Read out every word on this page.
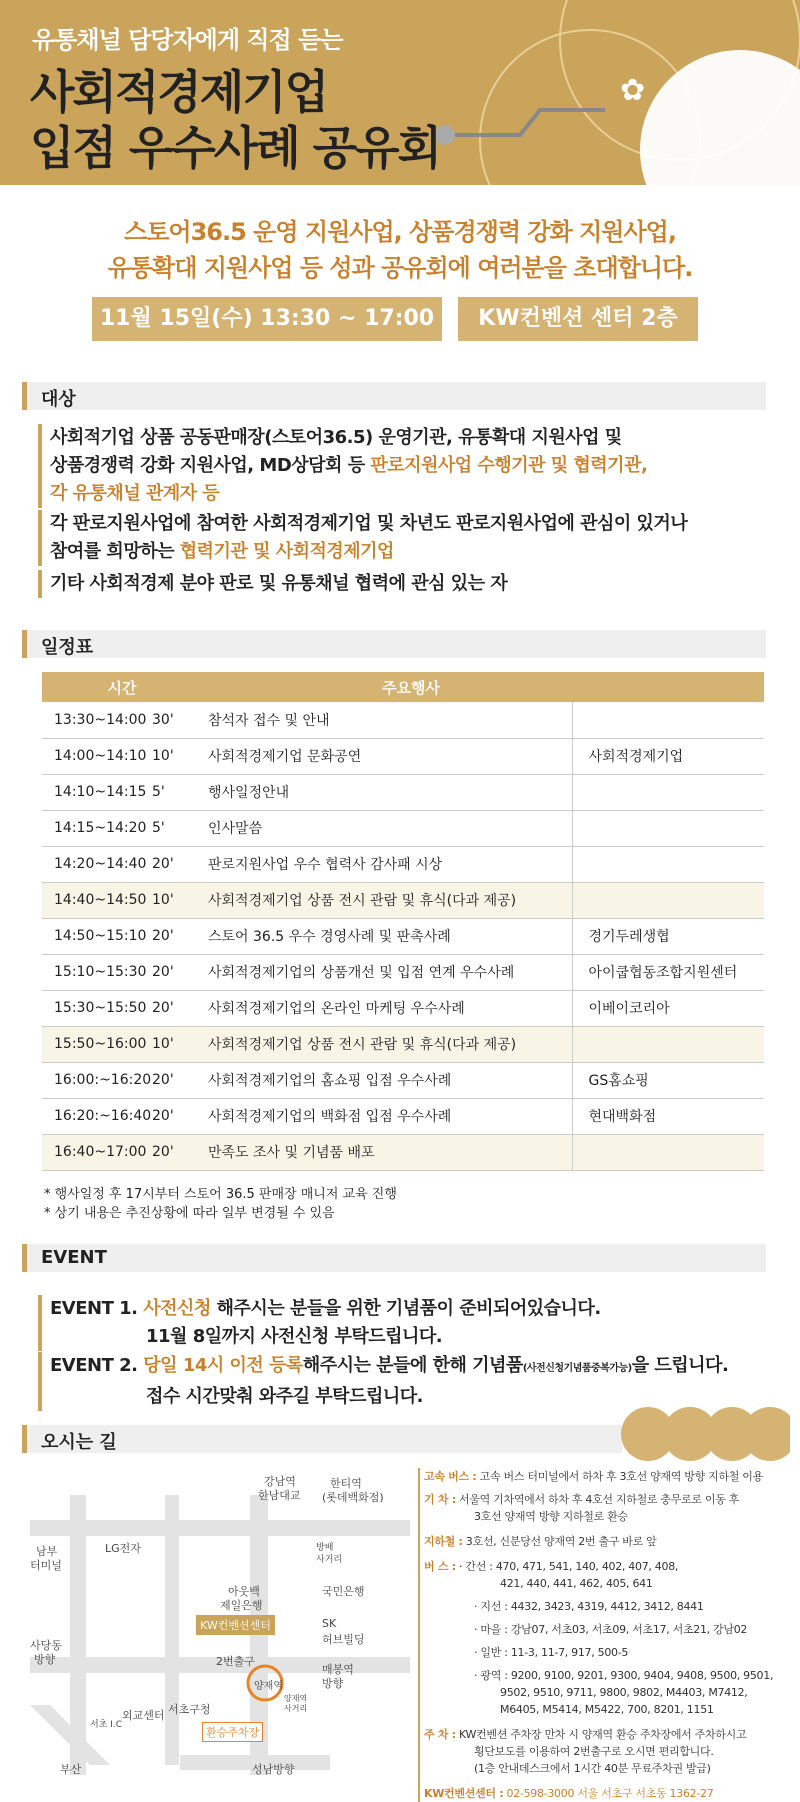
✿
유통채널 담당자에게 직접 듣는
사회적경제기업
입점 우수사례 공유회
스토어36.5 운영 지원사업, 상품경쟁력 강화 지원사업,
유통확대 지원사업 등 성과 공유회에 여러분을 초대합니다.
11월 15일(수) 13:30 ~ 17:00	KW컨벤션 센터 2층
대상
사회적기업 상품 공동판매장(스토어36.5) 운영기관, 유통확대 지원사업 및
상품경쟁력 강화 지원사업, MD상담회 등 판로지원사업 수행기관 및 협력기관,
각 유통채널 관계자 등
각 판로지원사업에 참여한 사회적경제기업 및 차년도 판로지원사업에 관심이 있거나
참여를 희망하는 협력기관 및 사회적경제기업
기타 사회적경제 분야 판로 및 유통채널 협력에 관심 있는 자
일정표
시간		주요행사	
13:30~14:00	30'	참석자 접수 및 안내	
14:00~14:10	10'	사회적경제기업 문화공연	사회적경제기업
14:10~14:15	5'	행사일정안내	
14:15~14:20	5'	인사말씀	
14:20~14:40	20'	판로지원사업 우수 협력사 감사패 시상	
14:40~14:50	10'	사회적경제기업 상품 전시 관람 및 휴식(다과 제공)	
14:50~15:10	20'	스토어 36.5 우수 경영사례 및 판촉사례	경기두레생협
15:10~15:30	20'	사회적경제기업의 상품개선 및 입점 연계 우수사례	아이쿱협동조합지원센터
15:30~15:50	20'	사회적경제기업의 온라인 마케팅 우수사례	이베이코리아
15:50~16:00	10'	사회적경제기업 상품 전시 관람 및 휴식(다과 제공)	
16:00:~16:20	20'	사회적경제기업의 홈쇼핑 입점 우수사례	GS홈쇼핑
16:20:~16:40	20'	사회적경제기업의 백화점 입점 우수사례	현대백화점
16:40~17:00	20'	만족도 조사 및 기념품 배포	
* 행사일정 후 17시부터 스토어 36.5 판매장 매니저 교육 진행
* 상기 내용은 추진상황에 따라 일부 변경될 수 있음
EVENT
EVENT 1. 사전신청 해주시는 분들을 위한 기념품이 준비되어있습니다.
11월 8일까지 사전신청 부탁드립니다.
EVENT 2. 당일 14시 이전 등록해주시는 분들에 한해 기념품(사전신청기념품중복가능)을 드립니다.
접수 시간맞춰 와주길 부탁드립니다.
오시는 길
강남역
한남대교
한티역
(롯데백화점)
남부
터미널
LG전자	방배
사거리
아웃백
제일은행
국민은행
KW컨벤션센터	SK
허브빌딩
사당동
방향	2번출구
양재역
매봉역
방향
양재역
사거리
서초구청
서초 I.C
외교센터
환승주차장
부산	성남방향
고속 버스 : 고속 버스 터미널에서 하차 후 3호선 양재역 방향 지하철 이용
기 차 : 서울역 기차역에서 하차 후 4호선 지하철로 충무로로 이동 후
3호선 양재역 방향 지하철로 환승
지하철 : 3호선, 신분당선 양재역 2번 출구 바로 앞
버 스 : · 간선 : 470, 471, 541, 140, 402, 407, 408,
421, 440, 441, 462, 405, 641
· 지선 : 4432, 3423, 4319, 4412, 3412, 8441
· 마을 : 강남07, 서초03, 서초09, 서초17, 서초21, 강남02
· 일반 : 11-3, 11-7, 917, 500-5
· 광역 : 9200, 9100, 9201, 9300, 9404, 9408, 9500, 9501,
9502, 9510, 9711, 9800, 9802, M4403, M7412,
M6405, M5414, M5422, 700, 8201, 1151
주 차 : KW컨벤션 주차장 만차 시 양재역 환승 주차장에서 주차하시고
횡단보도를 이용하여 2번출구로 오시면 편리합니다.
(1층 안내데스크에서 1시간 40분 무료주차권 발급)
KW컨벤션센터 : 02-598-3000 서울 서초구 서초동 1362-27
